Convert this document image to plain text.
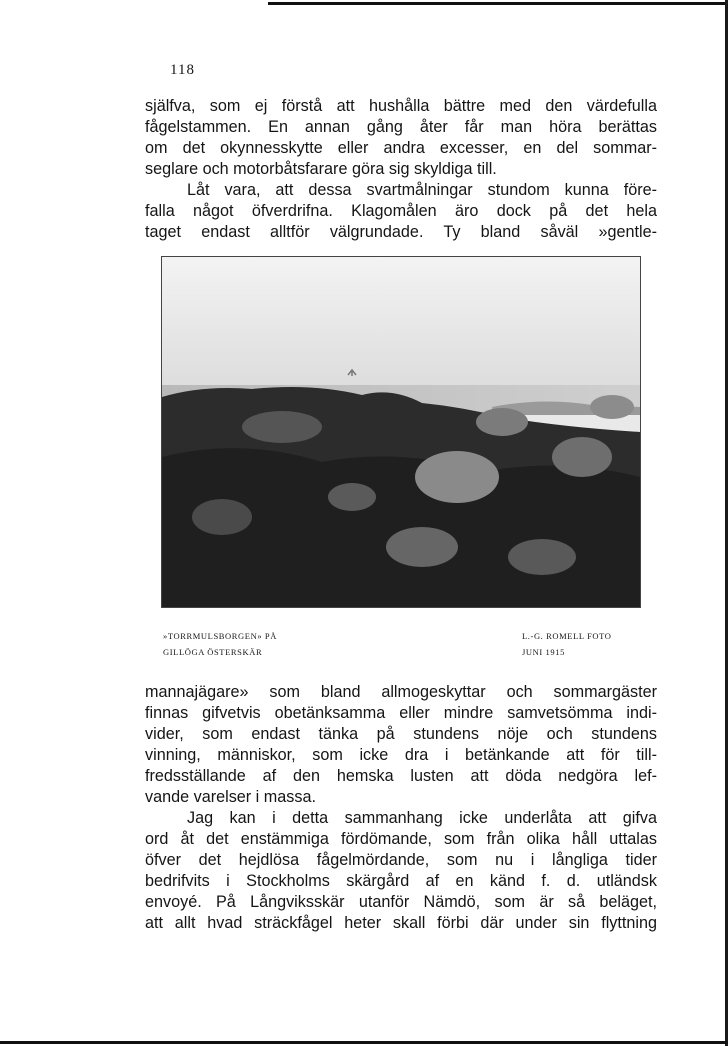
118
själfva, som ej förstå att hushålla bättre med den värdefulla
fågelstammen. En annan gång åter får man höra berättas
om det okynnesskytte eller andra excesser, en del sommar-
seglare och motorbåtsfarare göra sig skyldiga till.
Låt vara, att dessa svartmålningar stundom kunna före-
falla något öfverdrifna. Klagomålen äro dock på det hela
taget endast alltför välgrundade. Ty bland såväl »gentle-
»TORRMULSBORGEN» PÅ
GILLÖGA ÖSTERSKÄR
L.-G. ROMELL FOTO
JUNI 1915
mannajägare» som bland allmogeskyttar och sommargäster
finnas gifvetvis obetänksamma eller mindre samvetsömma indi-
vider, som endast tänka på stundens nöje och stundens
vinning, människor, som icke dra i betänkande att för till-
fredsställande af den hemska lusten att döda nedgöra lef-
vande varelser i massa.
Jag kan i detta sammanhang icke underlåta att gifva
ord åt det enstämmiga fördömande, som från olika håll uttalas
öfver det hejdlösa fågelmördande, som nu i långliga tider
bedrifvits i Stockholms skärgård af en känd f. d. utländsk
envoyé. På Långviksskär utanför Nämdö, som är så beläget,
att allt hvad sträckfågel heter skall förbi där under sin flyttning
